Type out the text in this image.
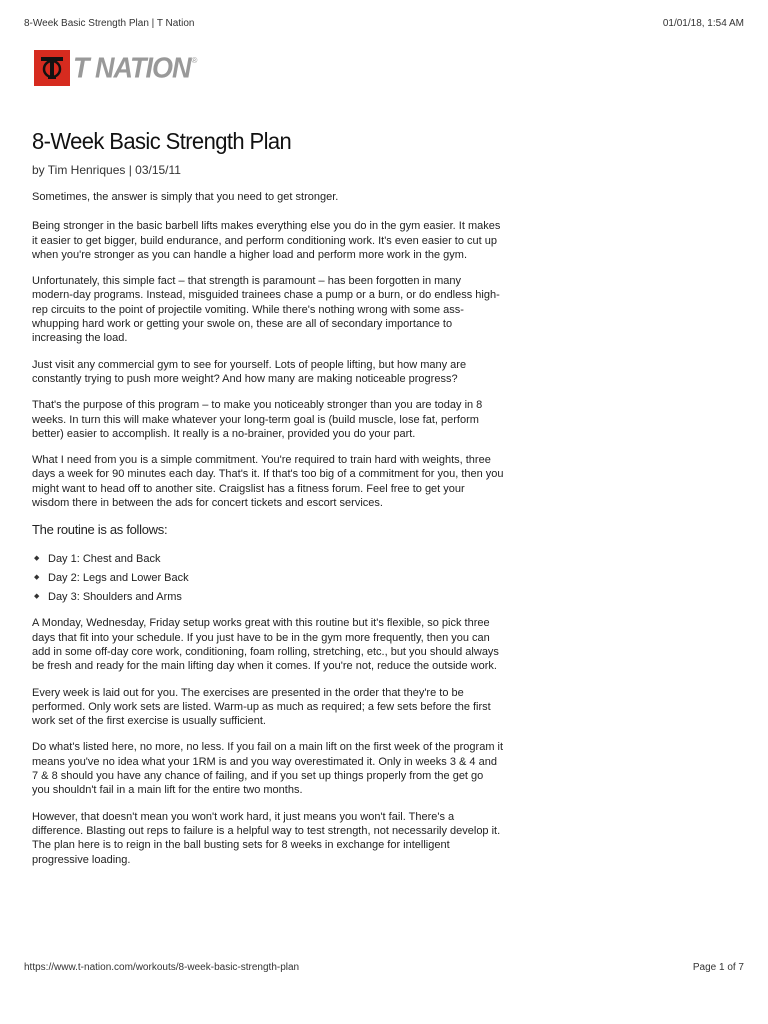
8-Week Basic Strength Plan | T Nation	01/01/18, 1:54 AM
T NATION ®
8-Week Basic Strength Plan
by Tim Henriques | 03/15/11

Sometimes, the answer is simply that you need to get stronger.

Being stronger in the basic barbell lifts makes everything else you do in the gym easier. It makes it easier to get bigger, build endurance, and perform conditioning work. It's even easier to cut up when you're stronger as you can handle a higher load and perform more work in the gym.

Unfortunately, this simple fact – that strength is paramount – has been forgotten in many modern-day programs. Instead, misguided trainees chase a pump or a burn, or do endless high-rep circuits to the point of projectile vomiting. While there's nothing wrong with some ass-whupping hard work or getting your swole on, these are all of secondary importance to increasing the load.

Just visit any commercial gym to see for yourself. Lots of people lifting, but how many are constantly trying to push more weight? And how many are making noticeable progress?

That's the purpose of this program – to make you noticeably stronger than you are today in 8 weeks. In turn this will make whatever your long-term goal is (build muscle, lose fat, perform better) easier to accomplish. It really is a no-brainer, provided you do your part.

What I need from you is a simple commitment. You're required to train hard with weights, three days a week for 90 minutes each day. That's it. If that's too big of a commitment for you, then you might want to head off to another site. Craigslist has a fitness forum. Feel free to get your wisdom there in between the ads for concert tickets and escort services.

The routine is as follows:
◆ Day 1: Chest and Back
◆ Day 2: Legs and Lower Back
◆ Day 3: Shoulders and Arms

A Monday, Wednesday, Friday setup works great with this routine but it's flexible, so pick three days that fit into your schedule. If you just have to be in the gym more frequently, then you can add in some off-day core work, conditioning, foam rolling, stretching, etc., but you should always be fresh and ready for the main lifting day when it comes. If you're not, reduce the outside work.

Every week is laid out for you. The exercises are presented in the order that they're to be performed. Only work sets are listed. Warm-up as much as required; a few sets before the first work set of the first exercise is usually sufficient.

Do what's listed here, no more, no less. If you fail on a main lift on the first week of the program it means you've no idea what your 1RM is and you way overestimated it. Only in weeks 3 & 4 and 7 & 8 should you have any chance of failing, and if you set up things properly from the get go you shouldn't fail in a main lift for the entire two months.

However, that doesn't mean you won't work hard, it just means you won't fail. There's a difference. Blasting out reps to failure is a helpful way to test strength, not necessarily develop it. The plan here is to reign in the ball busting sets for 8 weeks in exchange for intelligent progressive loading.

https://www.t-nation.com/workouts/8-week-basic-strength-plan	Page 1 of 7
